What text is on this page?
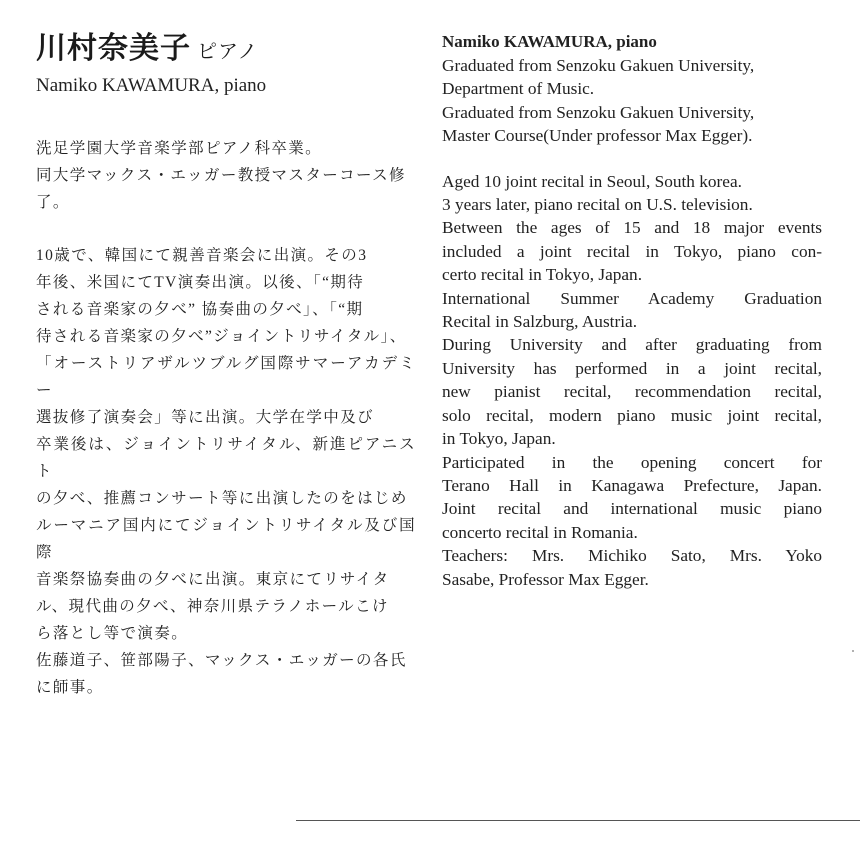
川村奈美子 ピアノ
Namiko KAWAMURA, piano

洗足学園大学音楽学部ピアノ科卒業。
同大学マックス・エッガー教授マスターコース修
了。

10歳で、韓国にて親善音楽会に出演。その3
年後、米国にてTV演奏出演。以後、「“期待
される音楽家の夕べ” 協奏曲の夕べ」、「“期
待される音楽家の夕べ”ジョイントリサイタル」、
「オーストリアザルツブルグ国際サマーアカデミー
選抜修了演奏会」等に出演。大学在学中及び
卒業後は、ジョイントリサイタル、新進ピアニスト
の夕べ、推薦コンサート等に出演したのをはじめ
ルーマニア国内にてジョイントリサイタル及び国際
音楽祭協奏曲の夕べに出演。東京にてリサイタ
ル、現代曲の夕べ、神奈川県テラノホールこけ
ら落とし等で演奏。
佐藤道子、笹部陽子、マックス・エッガーの各氏
に師事。

Namiko KAWAMURA, piano

Graduated from Senzoku Gakuen University,
Department of Music.
Graduated from Senzoku Gakuen University,
Master Course(Under professor Max Egger).

Aged 10 joint recital in Seoul, South korea.
3 years later, piano recital on U.S. television.
Between the ages of 15 and 18 major events
included a joint recital in Tokyo, piano con-
certo recital in Tokyo, Japan.
International Summer Academy Graduation
Recital in Salzburg, Austria.
During University and after graduating from
University has performed in a joint recital,
new pianist recital, recommendation recital,
solo recital, modern piano music joint recital,
in Tokyo, Japan.
Participated in the opening concert for
Terano Hall in Kanagawa Prefecture, Japan.
Joint recital and international music piano
concerto recital in Romania.
Teachers: Mrs. Michiko Sato, Mrs. Yoko
Sasabe, Professor Max Egger.
